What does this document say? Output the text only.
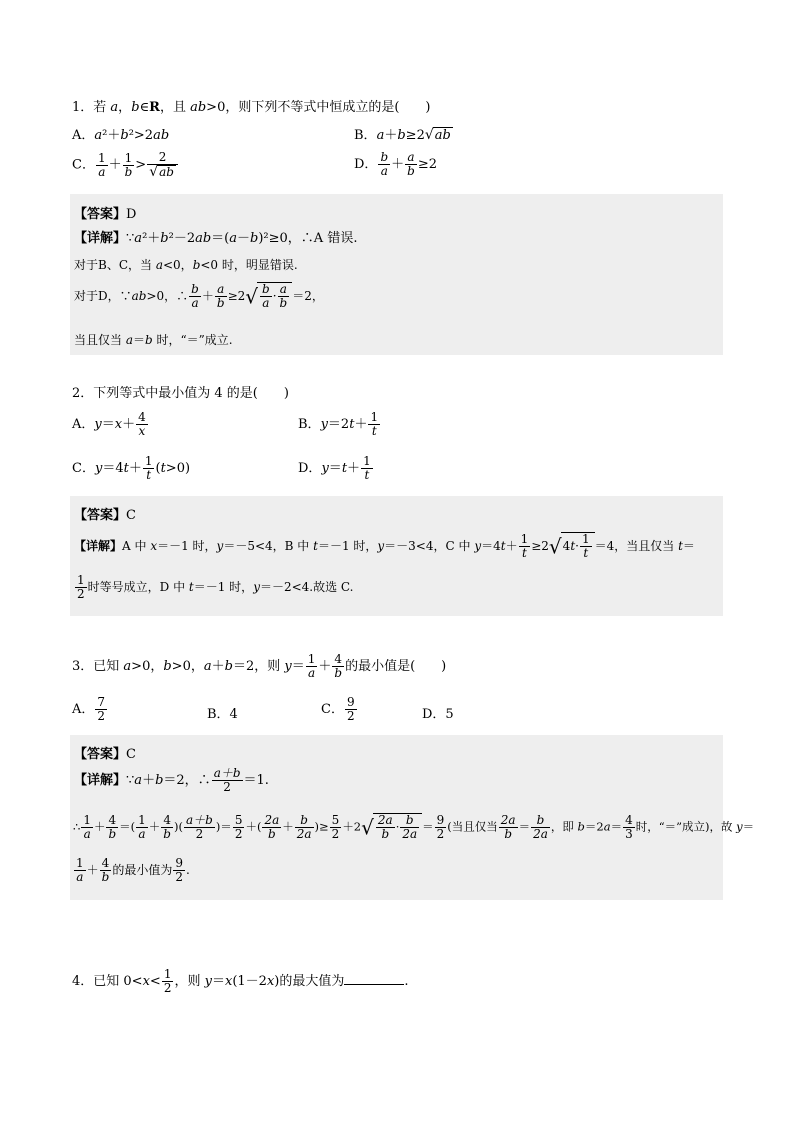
1．若 a，b∈R，且 ab>0，则下列不等式中恒成立的是(　　)
A．a²＋b²>2ab	B．a＋b≥2√ab
C． $\frac{1}{a} + \frac{1}{b} > \frac{2}{√ab}$	D． $\frac{b}{a} + \frac{a}{b} \ge 2$
【答案】D
【详解】∵a²＋b²－2ab＝(a－b)²≥0，∴A 错误.
对于B、C，当 a<0，b<0 时，明显错误.
对于D，∵ab>0，∴ $\frac{b}{a} + \frac{a}{b} \ge 2√ \frac{b}{a} \cdot \frac{a}{b} =2$，
当且仅当 a＝b 时，“＝”成立.
2．下列等式中最小值为 4 的是(　　)
A．$y=x+ \frac{4}{x}$	B．$y=2t+ \frac{1}{t}$
C．$y=4t+ \frac{1}{t} (t>0)$	D．$y=t+ \frac{1}{t}$
【答案】C
【详解】A 中 x＝－1 时，y＝－5<4，B 中 t＝－1 时，y＝－3<4，C 中 $y=4t+ \frac{1}{t} \ge 2√4t\cdot \frac{1}{t} =4$，当且仅当 t＝
$\frac{1}{2}$ 时等号成立，D 中 t＝－1 时，y＝－2<4.故选 C.
3．已知 a>0，b>0，a＋b＝2，则 $y= \frac{1}{a} + \frac{4}{b}$ 的最小值是(　　)
A． $\frac{7}{2}$	B．4	C． $\frac{9}{2}$	D．5
【答案】C
【详解】∵a＋b＝2，∴ $\frac{a+b}{2} =1$.
∴ $\frac{1}{a} + \frac{4}{b}$ ＝( $\frac{1}{a} + \frac{4}{b}$ )( $\frac{a+b}{2}$ )＝ $\frac{5}{2}$ ＋( $\frac{2a}{b} + \frac{b}{2a}$ )≥ $\frac{5}{2} +2√ \frac{2a}{b} \cdot \frac{b}{2a} = \frac{9}{2}$ (当且仅当 $\frac{2a}{b} = \frac{b}{2a}$ ，即 $b=2a= \frac{4}{3}$ 时，“＝”成立)，故 y＝
$\frac{1}{a} + \frac{4}{b}$ 的最小值为 $\frac{9}{2}$ .
4．已知 $0<x< \frac{1}{2}$ ，则 y＝x(1－2x)的最大值为	.
